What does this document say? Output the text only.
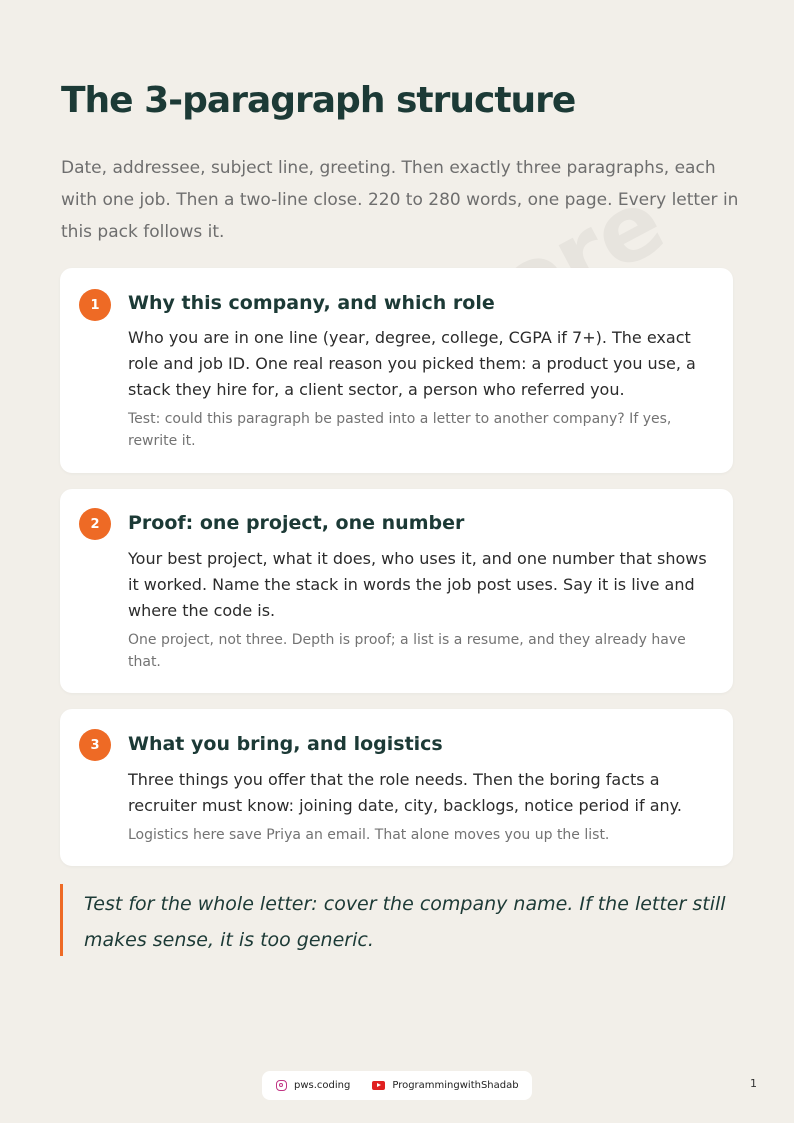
The 3-paragraph structure

Date, addressee, subject line, greeting. Then exactly three paragraphs, each with one job. Then a two-line close. 220 to 280 words, one page. Every letter in this pack follows it.

1	Why this company, and which role

Who you are in one line (year, degree, college, CGPA if 7+). The exact role and job ID. One real reason you picked them: a product you use, a stack they hire for, a client sector, a person who referred you.

Test: could this paragraph be pasted into a letter to another company? If yes, rewrite it.

2	Proof: one project, one number

Your best project, what it does, who uses it, and one number that shows it worked. Name the stack in words the job post uses. Say it is live and where the code is.

One project, not three. Depth is proof; a list is a resume, and they already have that.

3	What you bring, and logistics

Three things you offer that the role needs. Then the boring facts a recruiter must know: joining date, city, backlogs, notice period if any.

Logistics here save Priya an email. That alone moves you up the list.

Test for the whole letter: cover the company name. If the letter still makes sense, it is too generic.

pws.coding	ProgrammingwithShadab	1
